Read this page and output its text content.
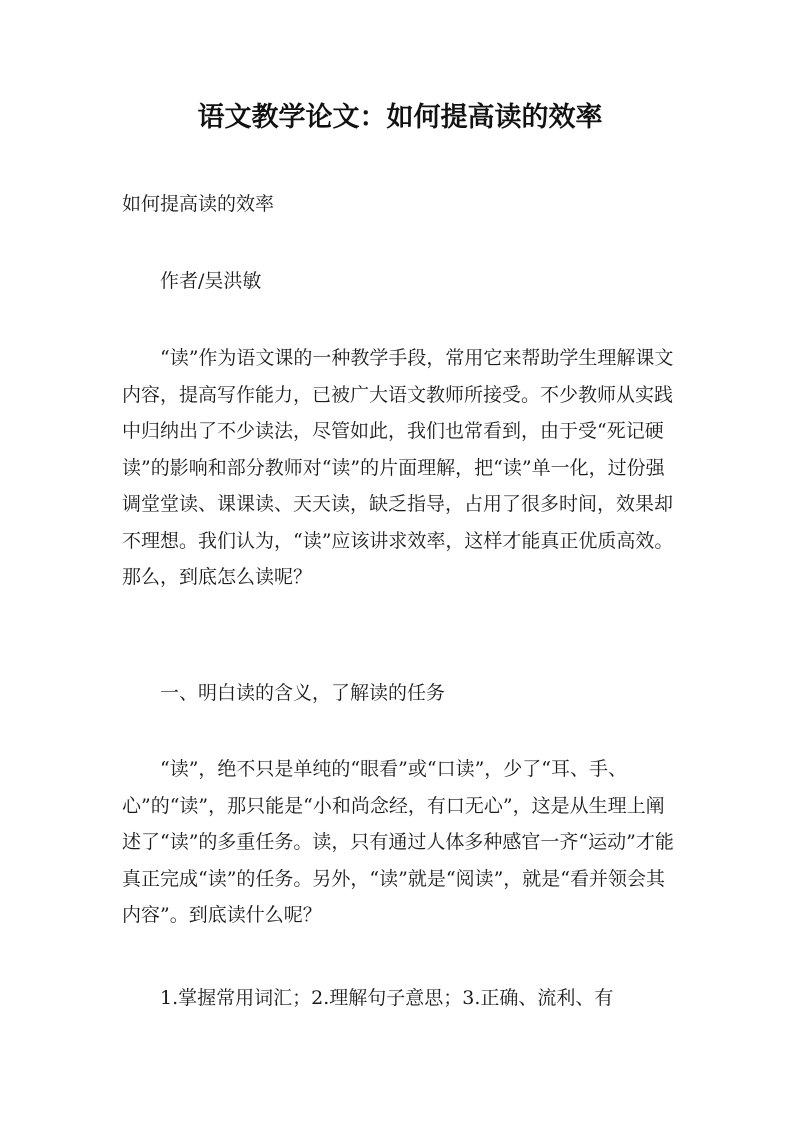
语文教学论文：如何提高读的效率

如何提高读的效率

作者/吴洪敏

“读”作为语文课的一种教学手段，常用它来帮助学生理解课文内容，提高写作能力，已被广大语文教师所接受。不少教师从实践中归纳出了不少读法，尽管如此，我们也常看到，由于受“死记硬读”的影响和部分教师对“读”的片面理解，把“读”单一化，过份强调堂堂读、课课读、天天读，缺乏指导，占用了很多时间，效果却不理想。我们认为，“读”应该讲求效率，这样才能真正优质高效。那么，到底怎么读呢？

一、明白读的含义，了解读的任务

“读”，绝不只是单纯的“眼看”或“口读”，少了“耳、手、心”的“读”，那只能是“小和尚念经，有口无心”，这是从生理上阐述了“读”的多重任务。读，只有通过人体多种感官一齐“运动”才能真正完成“读”的任务。另外，“读”就是“阅读”，就是“看并领会其内容”。到底读什么呢？

1.掌握常用词汇；2.理解句子意思；3.正确、流利、有
